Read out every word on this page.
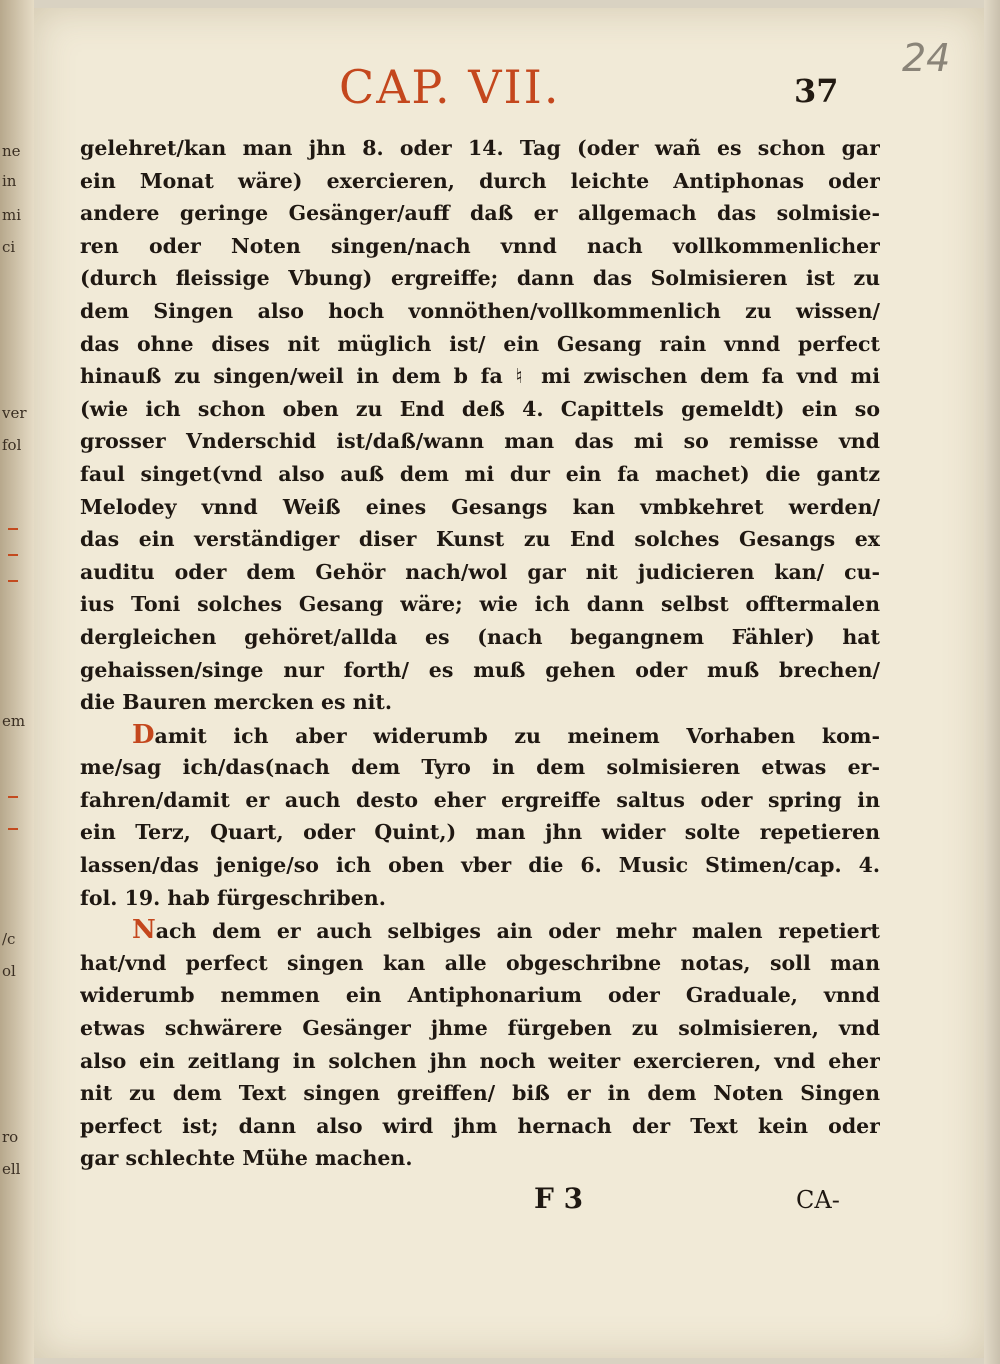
ne
in
mi
ci
ver
fol
em
/c
ol
ro
ell
CAP. VII.	37
24
gelehret/kan man jhn 8. oder 14. Tag (oder wañ es schon gar
ein Monat wäre) exercieren, durch leichte Antiphonas oder
andere geringe Gesänger/auff daß er allgemach das solmisie-
ren oder Noten singen/nach vnnd nach vollkommenlicher
(durch fleissige Vbung) ergreiffe; dann das Solmisieren ist zu
dem Singen also hoch vonnöthen/vollkommenlich zu wissen/
das ohne dises nit müglich ist/ ein Gesang rain vnnd perfect
hinauß zu singen/weil in dem b fa ♮ mi zwischen dem fa vnd mi
(wie ich schon oben zu End deß 4. Capittels gemeldt) ein so
grosser Vnderschid ist/daß/wann man das mi so remisse vnd
faul singet(vnd also auß dem mi dur ein fa machet) die gantz
Melodey vnnd Weiß eines Gesangs kan vmbkehret werden/
das ein verständiger diser Kunst zu End solches Gesangs ex
auditu oder dem Gehör nach/wol gar nit judicieren kan/ cu-
ius Toni solches Gesang wäre; wie ich dann selbst offtermalen
dergleichen gehöret/allda es (nach begangnem Fähler) hat
gehaissen/singe nur forth/ es muß gehen oder muß brechen/
die Bauren mercken es nit.
Damit ich aber widerumb zu meinem Vorhaben kom-
me/sag ich/das(nach dem Tyro in dem solmisieren etwas er-
fahren/damit er auch desto eher ergreiffe saltus oder spring in
ein Terz, Quart, oder Quint,) man jhn wider solte repetieren
lassen/das jenige/so ich oben vber die 6. Music Stimen/cap. 4.
fol. 19. hab fürgeschriben.
Nach dem er auch selbiges ain oder mehr malen repetiert
hat/vnd perfect singen kan alle obgeschribne notas, soll man
widerumb nemmen ein Antiphonarium oder Graduale, vnnd
etwas schwärere Gesänger jhme fürgeben zu solmisieren, vnd
also ein zeitlang in solchen jhn noch weiter exercieren, vnd eher
nit zu dem Text singen greiffen/ biß er in dem Noten Singen
perfect ist; dann also wird jhm hernach der Text kein oder
gar schlechte Mühe machen.
F 3	CA-
